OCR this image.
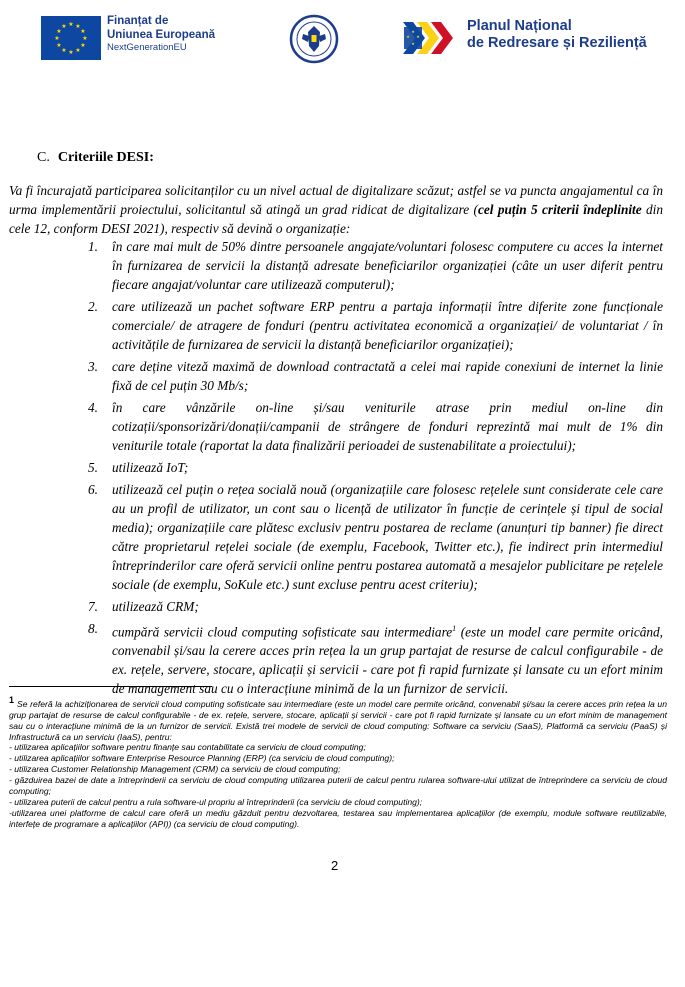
★ ★
★
★
★
★
★
★
★
★
★
★	Finanțat de
Uniunea Europeană
NextGenerationEU
★
★
★
★
Planul Național
de Redresare și Reziliență
C. Criteriile DESI:
Va fi încurajată participarea solicitanților cu un nivel actual de digitalizare scăzut; astfel se va puncta angajamentul ca în urma implementării proiectului, solicitantul să atingă un grad ridicat de digitalizare (cel puțin 5 criterii îndeplinite din cele 12, conform DESI 2021), respectiv să devină o organizație:
1. în care mai mult de 50% dintre persoanele angajate/voluntari folosesc computere cu acces la internet în furnizarea de servicii la distanță adresate beneficiarilor organizației (câte un user diferit pentru fiecare angajat/voluntar care utilizează computerul);
2. care utilizează un pachet software ERP pentru a partaja informații între diferite zone funcționale comerciale/ de atragere de fonduri (pentru activitatea economică a organizației/ de voluntariat / în activitățile de furnizarea de servicii la distanță beneficiarilor organizației);
3. care deține viteză maximă de download contractată a celei mai rapide conexiuni de internet la linie fixă de cel puțin 30 Mb/s;
4. în care vânzările on-line și/sau veniturile atrase prin mediul on-line din cotizații/sponsorizări/donații/campanii de strângere de fonduri reprezintă mai mult de 1% din veniturile totale (raportat la data finalizării perioadei de sustenabilitate a proiectului);
5. utilizează IoT;
6. utilizează cel puțin o rețea socială nouă (organizațiile care folosesc rețelele sunt considerate cele care au un profil de utilizator, un cont sau o licență de utilizator în funcție de cerințele și tipul de social media); organizațiile care plătesc exclusiv pentru postarea de reclame (anunțuri tip banner) fie direct către proprietarul rețelei sociale (de exemplu, Facebook, Twitter etc.), fie indirect prin intermediul întreprinderilor care oferă servicii online pentru postarea automată a mesajelor publicitare pe rețelele sociale (de exemplu, SoKule etc.) sunt excluse pentru acest criteriu);
7. utilizează CRM;
8. cumpără servicii cloud computing sofisticate sau intermediare$^1$ (este un model care permite oricând, convenabil și/sau la cerere acces prin rețea la un grup partajat de resurse de calcul configurabile - de ex. rețele, servere, stocare, aplicații și servicii - care pot fi rapid furnizate și lansate cu un efort minim de management sau cu o interacțiune minimă de la un furnizor de servicii.

1 Se referă la achiziționarea de servicii cloud computing sofisticate sau intermediare (este un model care permite oricând, convenabil și/sau la cerere acces prin rețea la un grup partajat de resurse de calcul configurabile - de ex. rețele, servere, stocare, aplicații și servicii - care pot fi rapid furnizate și lansate cu un efort minim de management sau cu o interacțiune minimă de la un furnizor de servicii. Există trei modele de servicii de cloud computing: Software ca serviciu (SaaS), Platformă ca serviciu (PaaS) și Infrastructură ca un serviciu (IaaS), pentru:

- utilizarea aplicațiilor software pentru finanțe sau contabilitate ca serviciu de cloud computing;

- utilizarea aplicațiilor software Enterprise Resource Planning (ERP) (ca serviciu de cloud computing);

- utilizarea Customer Relationship Management (CRM) ca serviciu de cloud computing;

- găzduirea bazei de date a întreprinderii ca serviciu de cloud computing utilizarea puterii de calcul pentru rularea software-ului utilizat de întreprindere ca serviciu de cloud computing;

- utilizarea puterii de calcul pentru a rula software-ul propriu al întreprinderii (ca serviciu de cloud computing);

-utilizarea unei platforme de calcul care oferă un mediu găzduit pentru dezvoltarea, testarea sau implementarea aplicațiilor (de exemplu, module software reutilizabile, interfețe de programare a aplicațiilor (API)) (ca serviciu de cloud computing).

2
